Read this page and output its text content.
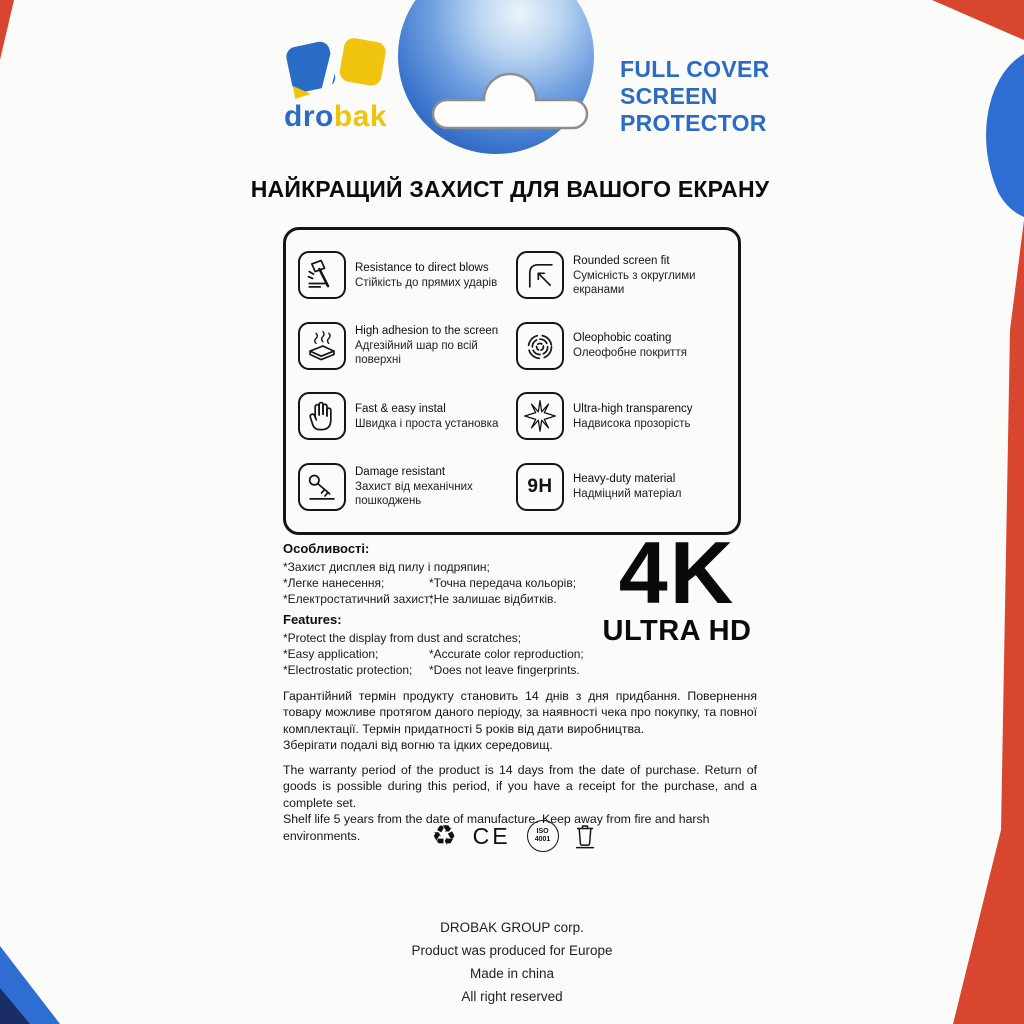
drobak
FULL COVER
SCREEN
PROTECTOR
НАЙКРАЩИЙ ЗАХИСТ ДЛЯ ВАШОГО ЕКРАНУ
Resistance to direct blows
Стійкість до прямих ударів
Rounded screen fit
Сумісність з округлими екранами
High adhesion to the screen
Адгезійний шар по всій поверхні
Oleophobic coating
Олеофобне покриття
Fast & easy instal
Швидка і проста установка
Ultra-high transparency
Надвисока прозорість
Damage resistant
Захист від механічних пошкоджень
9H Heavy-duty material
Надміцний матеріал
Особливості:
*Захист дисплея від пилу і подряпин;
*Легке нанесення;	*Точна передача кольорів;
*Електростатичний захист;
*Не залишає відбитків. 4K
ULTRA HD
Features:
*Protect the display from dust and scratches;
*Easy application;	*Accurate color reproduction;
*Electrostatic protection;	*Does not leave fingerprints.
Гарантійний термін продукту становить 14 днів з дня придбання. Повернення товару можливе протягом даного періоду, за наявності чека про покупку, та повної комплектації. Термін придатності 5 років від дати виробництва.
Зберігати подалі від вогню та ідких середовищ.
The warranty period of the product is 14 days from the date of purchase. Return of goods is possible during this period, if you have a receipt for the purchase, and a complete set.
Shelf life 5 years from the date of manufacture. Keep away from fire and harsh environments.	♻ CE	ISO
4001
DROBAK GROUP corp.
Product was produced for Europe
Made in china
All right reserved
